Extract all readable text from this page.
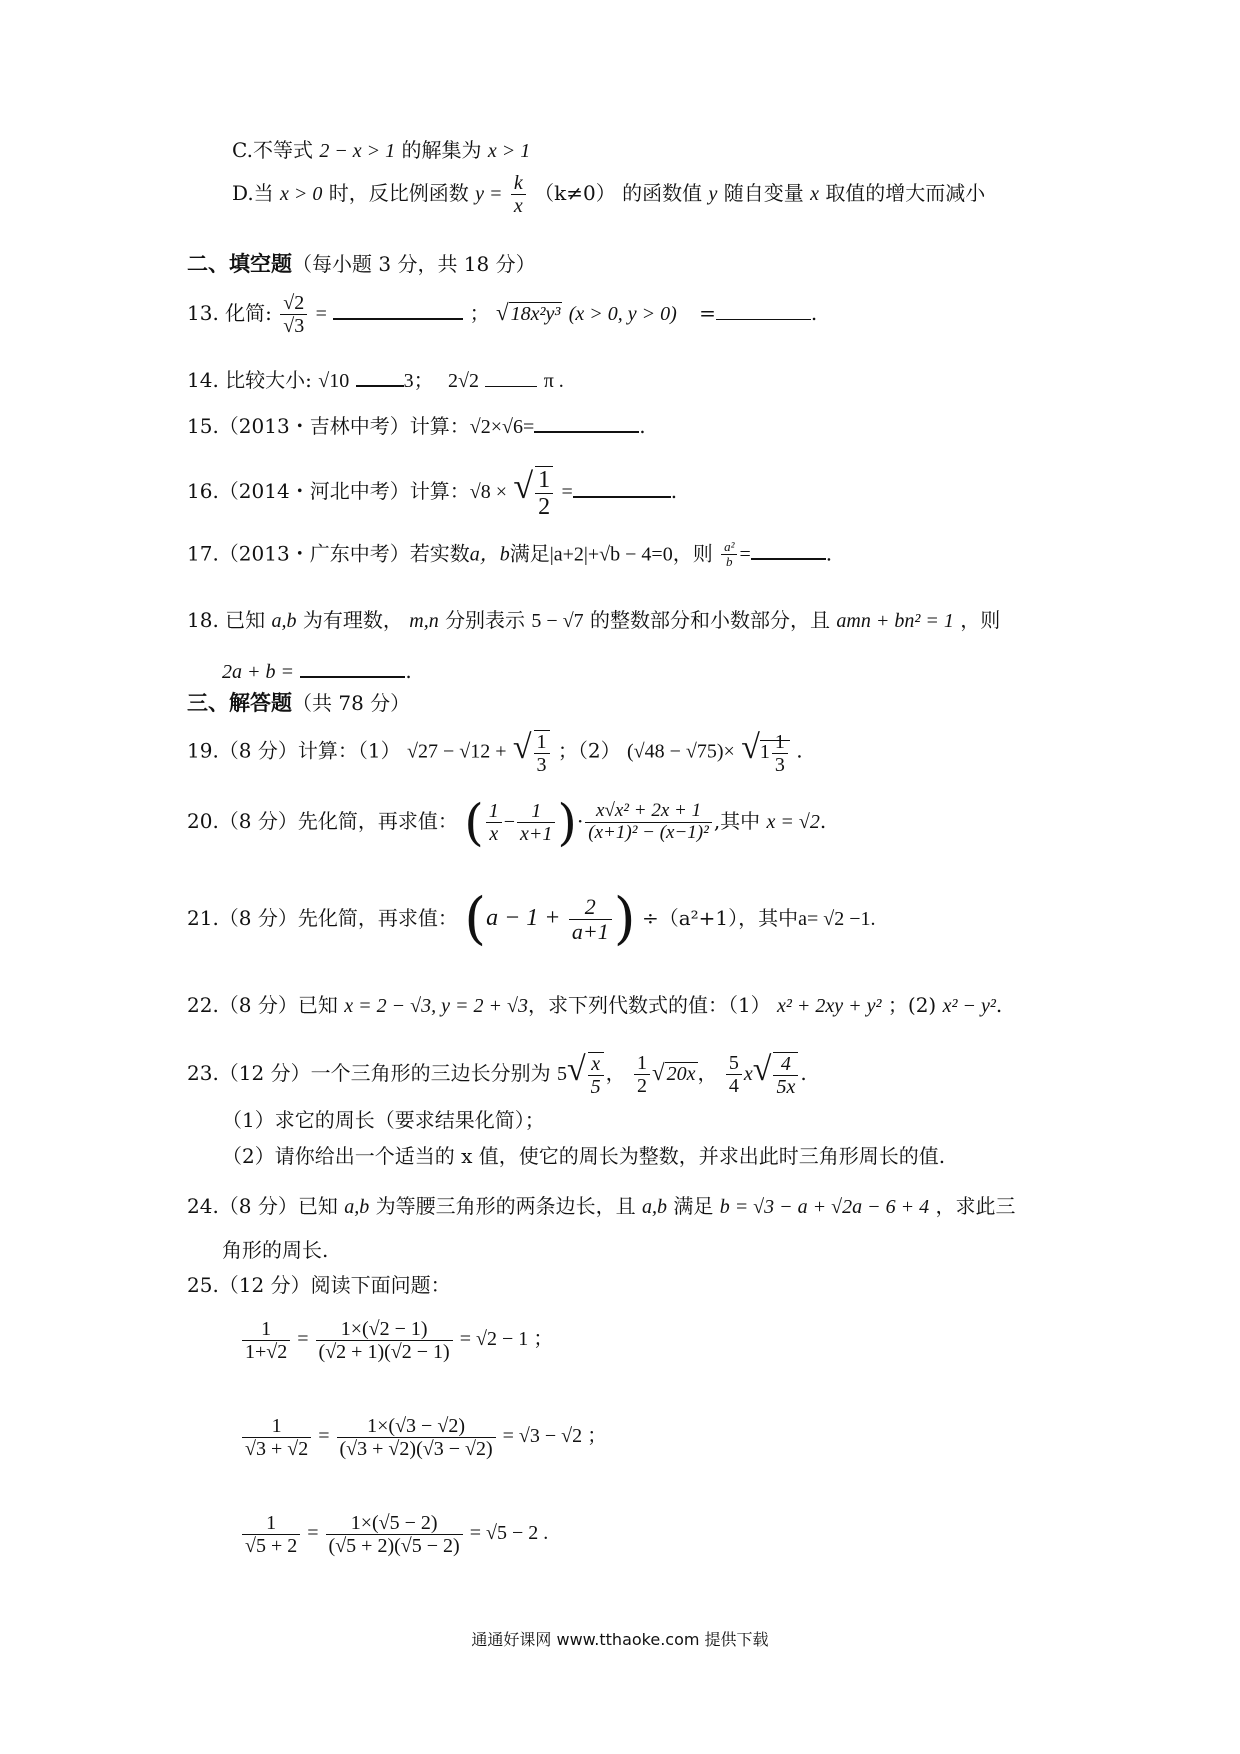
C.不等式 2 − x > 1 的解集为 x > 1
D.当 x > 0 时，反比例函数 $y = \frac{k}{x} (k\ne 0)$ 的函数值 y 随自变量 x 取值的增大而减小
二、填空题（每小题 3 分，共 18 分）
13. 化简: $\frac{√2}{√3}$ =	； √ 18x²y³ (x > 0, y > 0) =	.
14. 比较大小: √10	3； 2√2	π .
15.（2013・吉林中考）计算：√2×√6=	.
16.（2014・河北中考）计算：√8 × √ $\frac{1}{2}$ =	.
17.（2013・广东中考）若实数a，b满足|a+2|+√b − 4=0，则 $\frac{\text{a²}}{b}$ =	.
18. 已知 a,b 为有理数， m,n 分别表示 5 − √7 的整数部分和小数部分，且 amn + bn² = 1 ，则
2a + b =	.
三、解答题（共 78 分）
19.（8 分）计算：（1） √27 − √12 + √ $\frac{1}{3}$ ；（2） $(√48 - √75)\times √1 \frac{1}{3}$ .
20.（8 分）先化简，再求值： ( $\frac{1}{x} - \frac{1}{x+1}$ )· $\frac{\text{x√x² + 2x + 1}}{\text{(x+1)² − (x−1)²}}$ ,其中 x = √2.
21.（8 分）先化简，再求值： ($a - 1 + \frac{2}{a+1}$ ) ÷（a²+1），其中a= √2 −1.
22.（8 分）已知 x = 2 − √3, y = 2 + √3，求下列代数式的值：（1） x² + 2xy + y² ；(2) x² − y².
23.（12 分）一个三角形的三边长分别为 $5√ \frac{x}{5}$ ， $\frac{1}{2}$ √ 20x ， $\frac{5}{4} x√ \frac{4}{5x}$ .
（1）求它的周长（要求结果化简）；
（2）请你给出一个适当的 x 值，使它的周长为整数，并求出此时三角形周长的值.
24.（8 分）已知 a,b 为等腰三角形的两条边长，且 a,b 满足 b = √3 − a + √2a − 6 + 4 ，求此三
角形的周长.
25.（12 分）阅读下面问题：
$\frac{1}{1+√2} = \frac{1\times(√2 - 1)}{(√2 + 1)(√2 - 1)} = √2 - 1$ ；
$\frac{1}{√3 + √2} = \frac{1\times(√3 - √2)}{(√3 + √2)(√3 - √2)} = √3 - √2$ ；
$\frac{1}{√5 + 2} = \frac{1\times(√5 - 2)}{(√5 + 2)(√5 - 2)} = √5 - 2$ .
通通好课网 www.tthaoke.com 提供下载
